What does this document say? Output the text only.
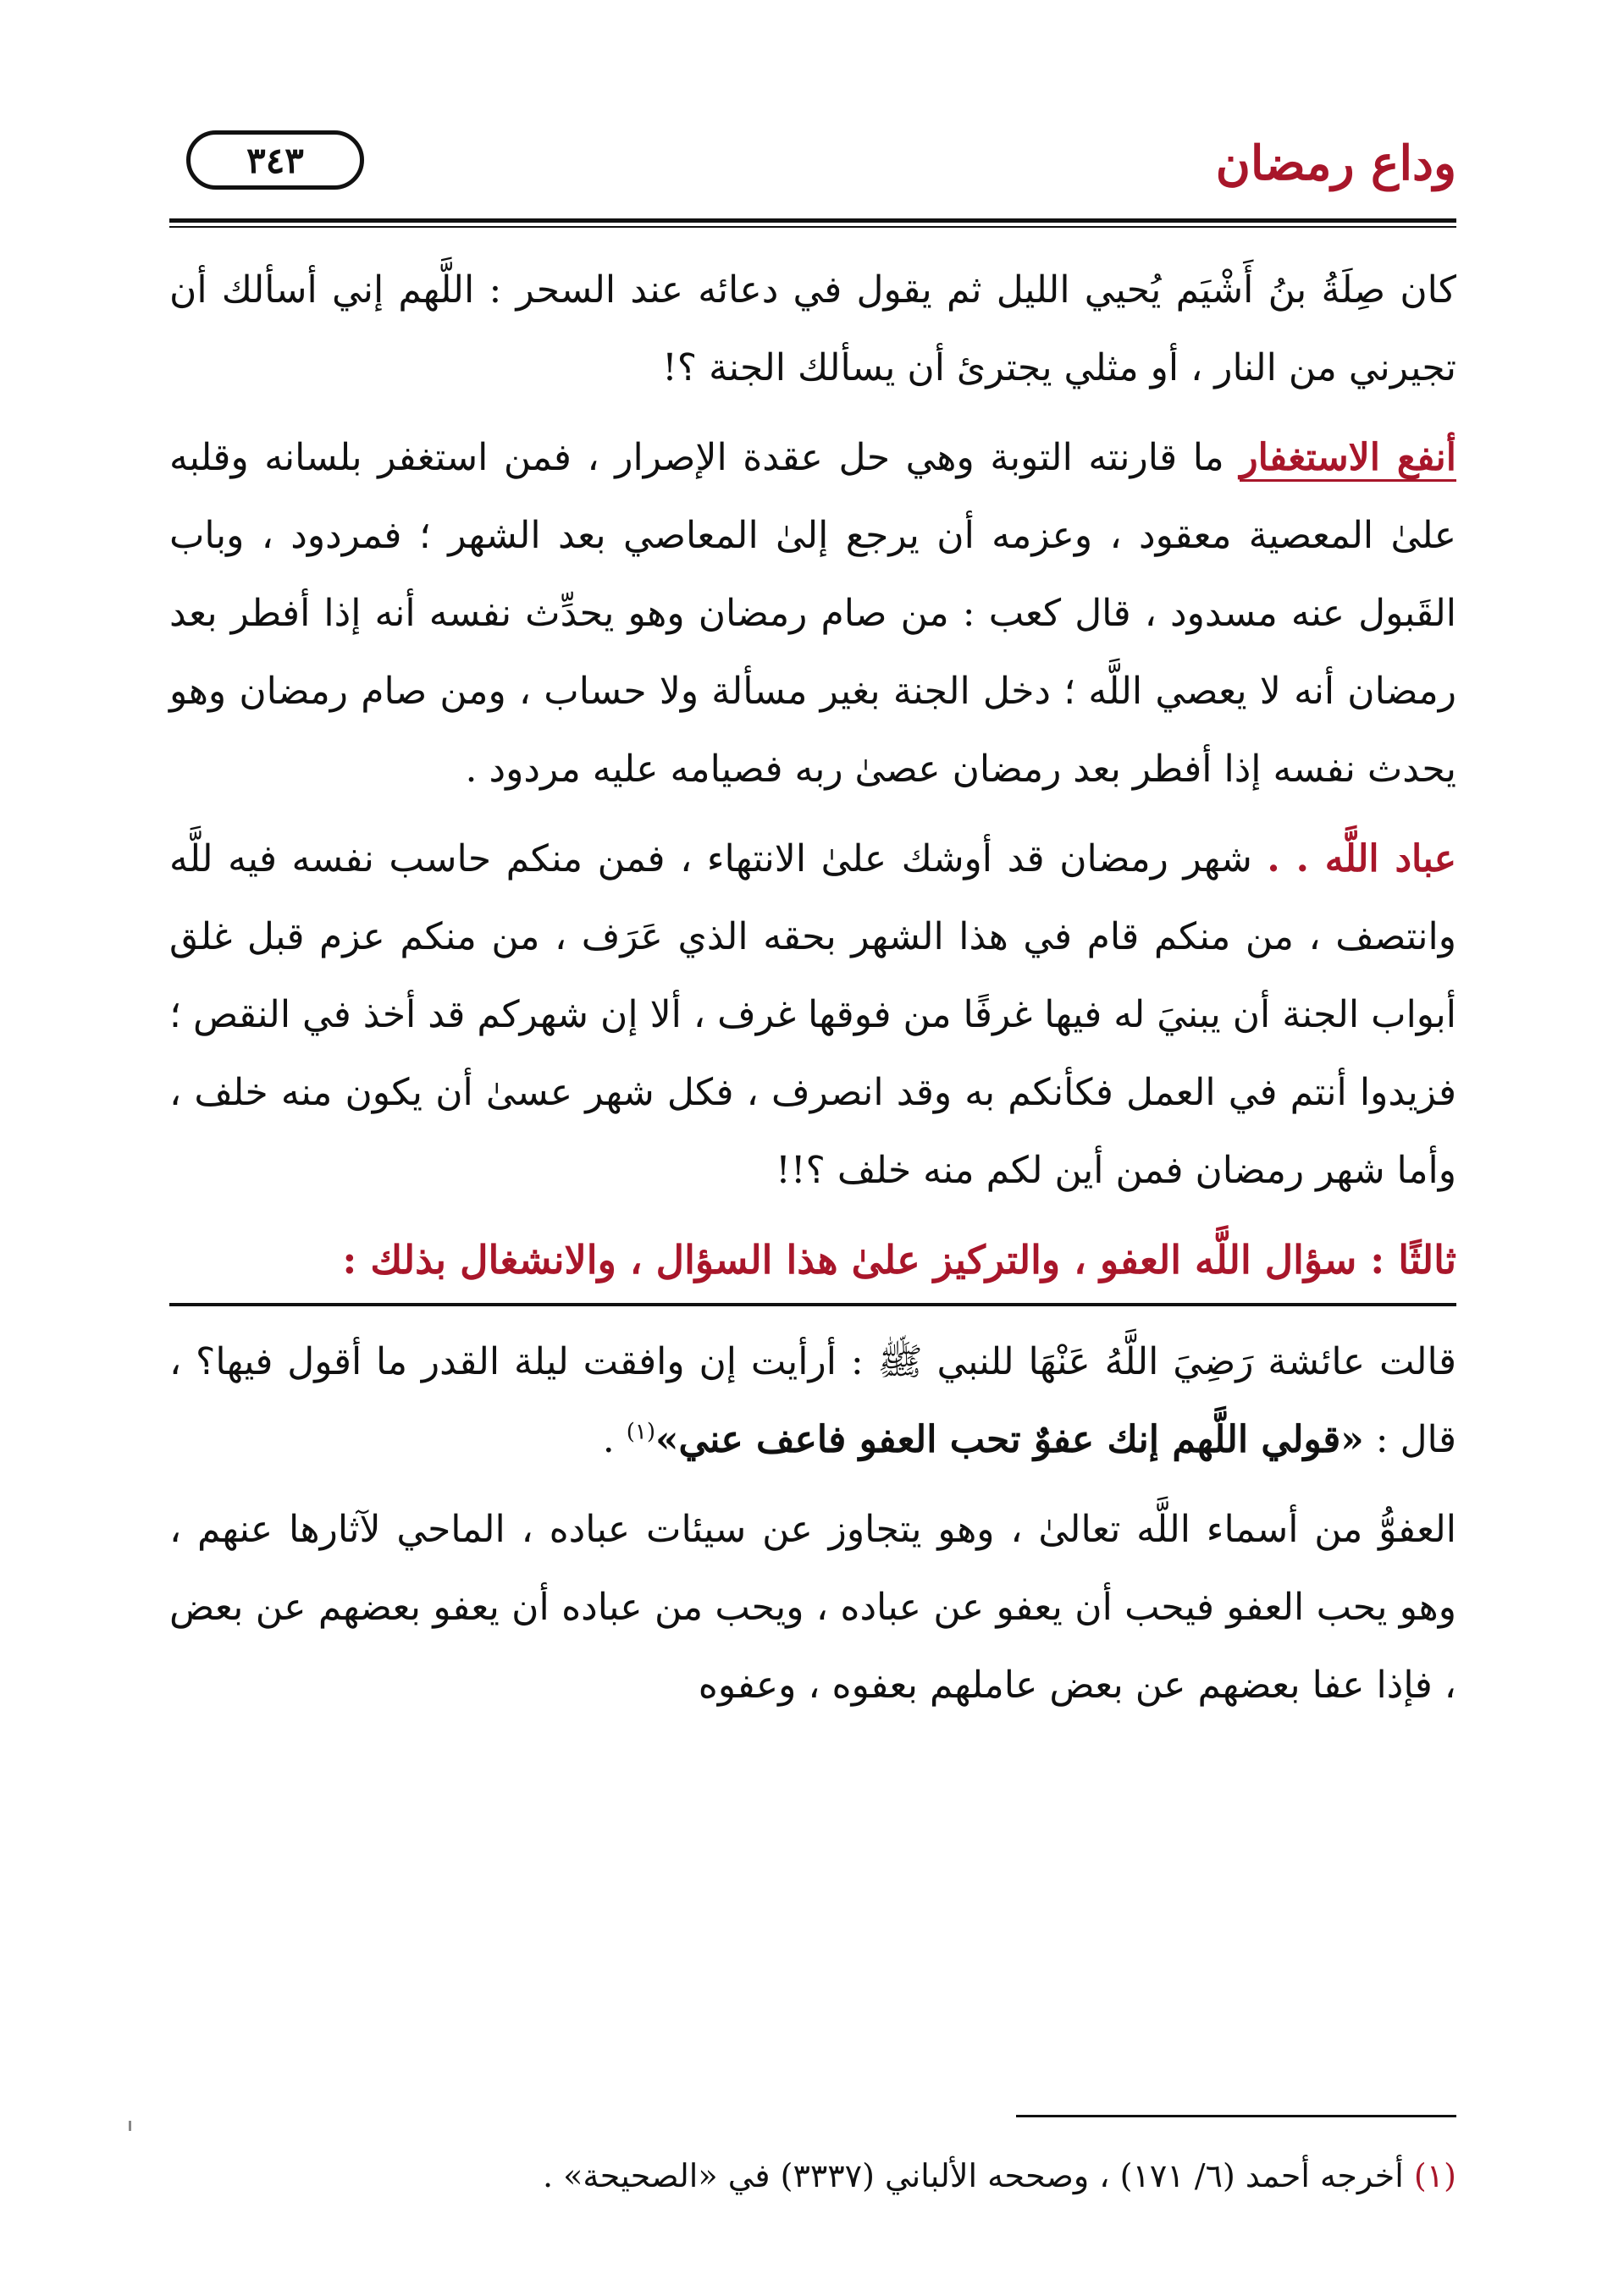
وداع رمضان
٣٤٣

كان صِلَةُ بنُ أَشْيَم يُحيي الليل ثم يقول في دعائه عند السحر : اللَّهم إني أسألك أن تجيرني من النار ، أو مثلي يجترئ أن يسألك الجنة ؟!

أنفع الاستغفار ما قارنته التوبة وهي حل عقدة الإصرار ، فمن استغفر بلسانه وقلبه علىٰ المعصية معقود ، وعزمه أن يرجع إلىٰ المعاصي بعد الشهر ؛ فمردود ، وباب القَبول عنه مسدود ، قال كعب : من صام رمضان وهو يحدِّث نفسه أنه إذا أفطر بعد رمضان أنه لا يعصي اللَّه ؛ دخل الجنة بغير مسألة ولا حساب ، ومن صام رمضان وهو يحدث نفسه إذا أفطر بعد رمضان عصىٰ ربه فصيامه عليه مردود .

عباد اللَّه . . شهر رمضان قد أوشك علىٰ الانتهاء ، فمن منكم حاسب نفسه فيه للَّه وانتصف ، من منكم قام في هذا الشهر بحقه الذي عَرَف ، من منكم عزم قبل غلق أبواب الجنة أن يبنيَ له فيها غرفًا من فوقها غرف ، ألا إن شهركم قد أخذ في النقص ؛ فزيدوا أنتم في العمل فكأنكم به وقد انصرف ، فكل شهر عسىٰ أن يكون منه خلف ، وأما شهر رمضان فمن أين لكم منه خلف ؟!!

ثالثًا : سؤال اللَّه العفو ، والتركيز علىٰ هذا السؤال ، والانشغال بذلك :

قالت عائشة رَضِيَ اللَّهُ عَنْهَا للنبي ﷺ : أرأيت إن وافقت ليلة القدر ما أقول فيها؟ ، قال : «قولي اللَّهم إنك عفوٌ تحب العفو فاعف عني»$^{(١)}$ .

العفوُّ من أسماء اللَّه تعالىٰ ، وهو يتجاوز عن سيئات عباده ، الماحي لآثارها عنهم ، وهو يحب العفو فيحب أن يعفو عن عباده ، ويحب من عباده أن يعفو بعضهم عن بعض ، فإذا عفا بعضهم عن بعض عاملهم بعفوه ، وعفوه

(١) أخرجه أحمد (٦/ ١٧١) ، وصححه الألباني (٣٣٣٧) في «الصحيحة» .
